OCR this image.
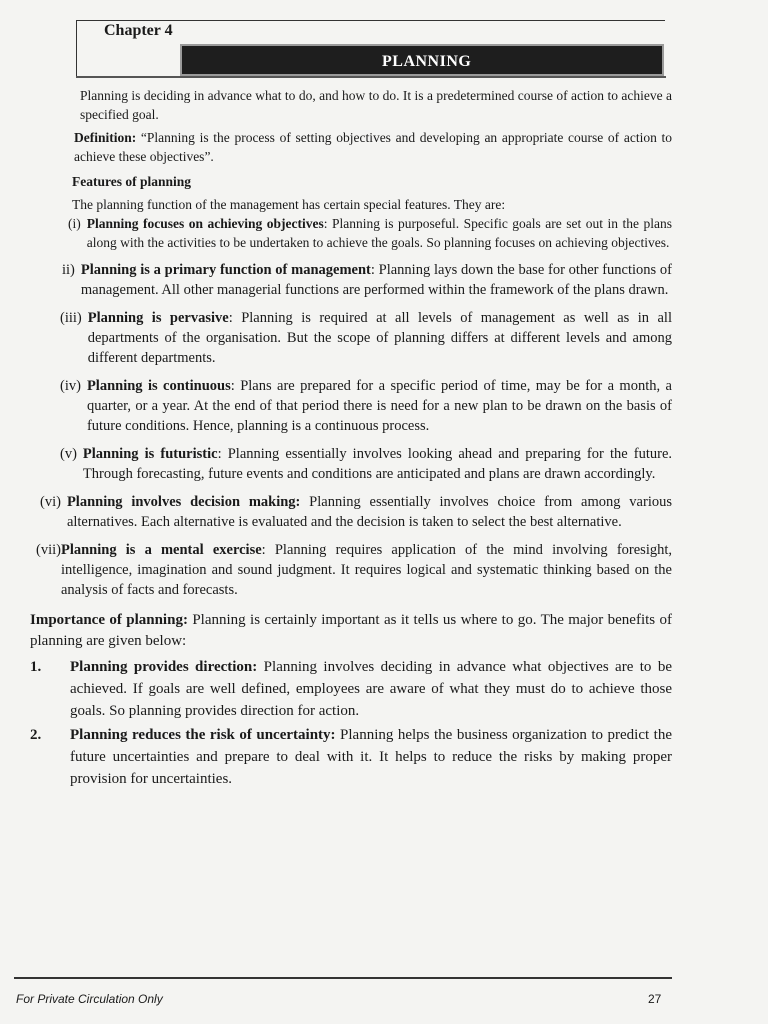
Chapter 4
PLANNING

Planning is deciding in advance what to do, and how to do. It is a predetermined course of action to achieve a specified goal.

Definition: “Planning is the process of setting objectives and developing an appropriate course of action to achieve these objectives”.

Features of planning

The planning function of the management has certain special features. They are:

(i) Planning focuses on achieving objectives: Planning is purposeful. Specific goals are set out in the plans along with the activities to be undertaken to achieve the goals. So planning focuses on achieving objectives.
ii) Planning is a primary function of management: Planning lays down the base for other functions of management. All other managerial functions are performed within the framework of the plans drawn.
(iii) Planning is pervasive: Planning is required at all levels of management as well as in all departments of the organisation. But the scope of planning differs at different levels and among different departments.
(iv) Planning is continuous: Plans are prepared for a specific period of time, may be for a month, a quarter, or a year. At the end of that period there is need for a new plan to be drawn on the basis of future conditions. Hence, planning is a continuous process.
(v) Planning is futuristic: Planning essentially involves looking ahead and preparing for the future. Through forecasting, future events and conditions are anticipated and plans are drawn accordingly.
(vi) Planning involves decision making: Planning essentially involves choice from among various alternatives. Each alternative is evaluated and the decision is taken to select the best alternative.
(vii) Planning is a mental exercise: Planning requires application of the mind involving foresight, intelligence, imagination and sound judgment. It requires logical and systematic thinking based on the analysis of facts and forecasts.

Importance of planning: Planning is certainly important as it tells us where to go. The major benefits of planning are given below:

1.	Planning provides direction: Planning involves deciding in advance what objectives are to be achieved. If goals are well defined, employees are aware of what they must do to achieve those goals. So planning provides direction for action.
2.	Planning reduces the risk of uncertainty: Planning helps the business organization to predict the future uncertainties and prepare to deal with it. It helps to reduce the risks by making proper provision for uncertainties.
For Private Circulation Only	27
